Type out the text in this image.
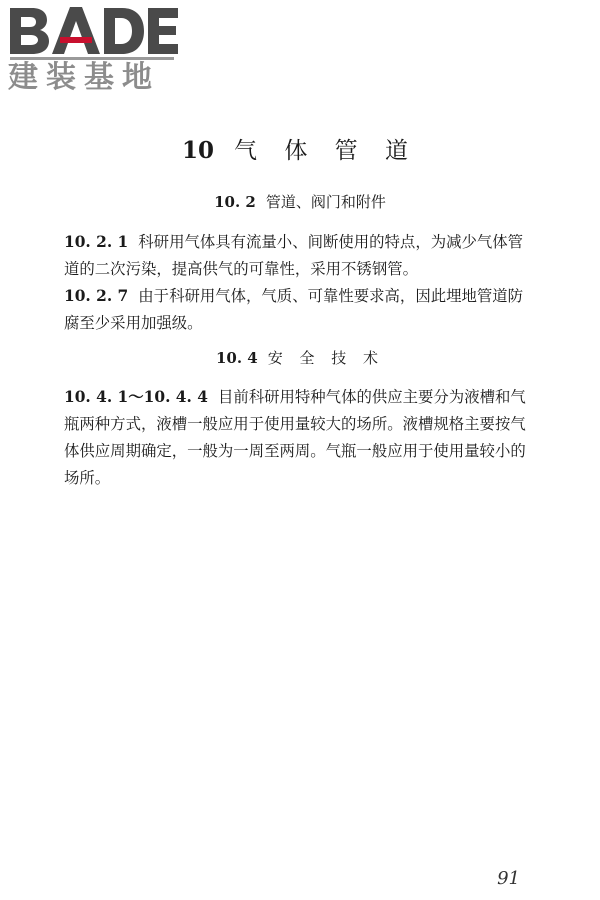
建装基地
10 气 体 管 道
10. 2 管道、阀门和附件
10. 2. 1 科研用气体具有流量小、间断使用的特点，为减少气体管道的二次污染，提高供气的可靠性，采用不锈钢管。
10. 2. 7 由于科研用气体，气质、可靠性要求高，因此埋地管道防腐至少采用加强级。
10. 4 安 全 技 术
10. 4. 1～10. 4. 4 目前科研用特种气体的供应主要分为液槽和气瓶两种方式，液槽一般应用于使用量较大的场所。液槽规格主要按气体供应周期确定，一般为一周至两周。气瓶一般应用于使用量较小的场所。
91
